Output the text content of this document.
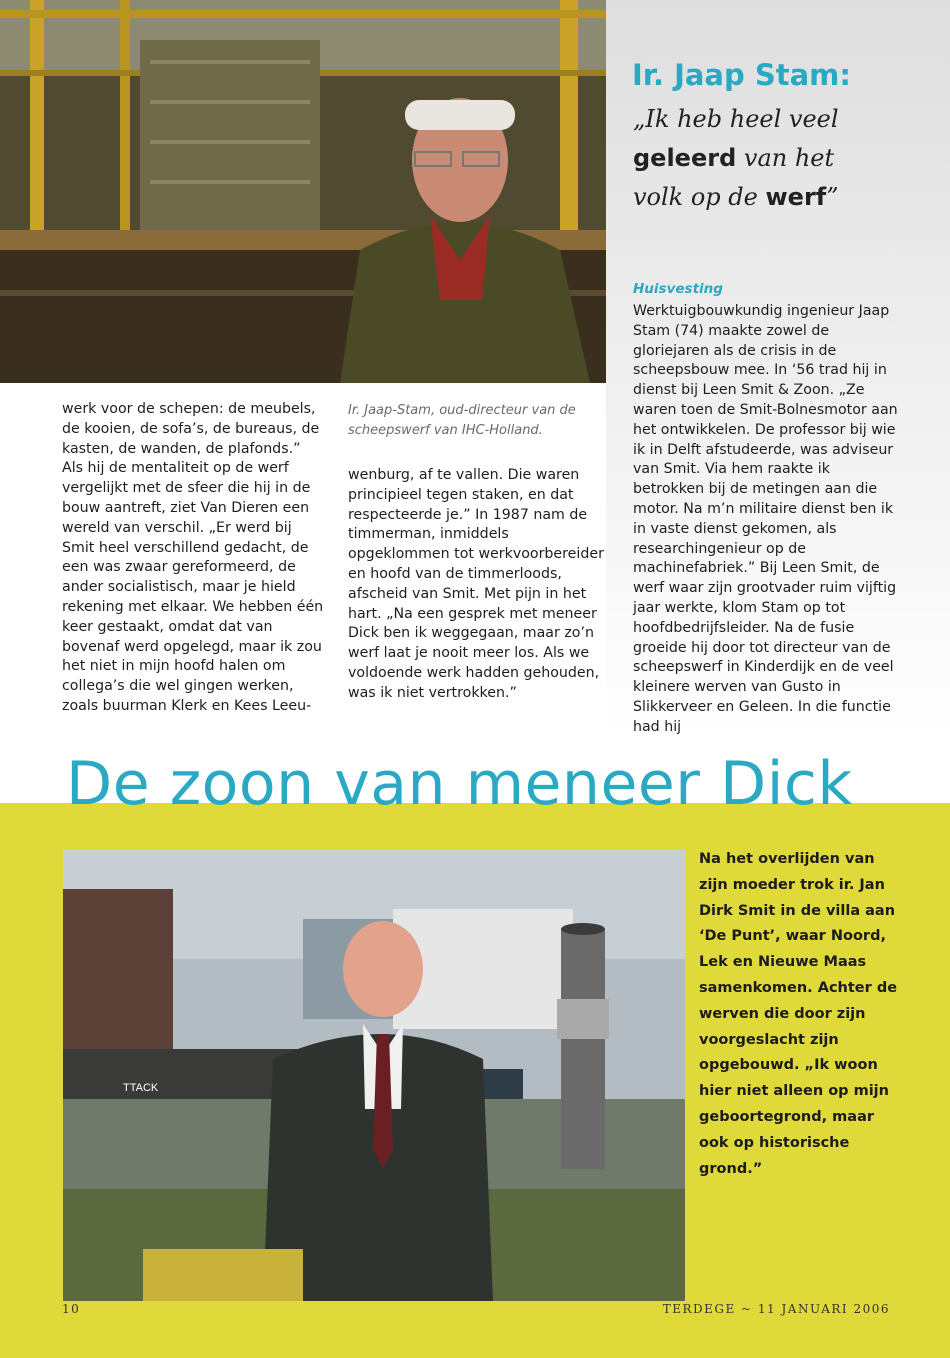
Ir. Jaap Stam:
„Ik heb heel veel
geleerd van het
volk op de werf”
Huisvesting

werk voor de schepen: de meubels, de kooien, de sofa’s, de bureaus, de kasten, de wanden, de plafonds.” Als hij de mentaliteit op de werf vergelijkt met de sfeer die hij in de bouw aantreft, ziet Van Dieren een wereld van verschil. „Er werd bij Smit heel verschillend gedacht, de een was zwaar gereformeerd, de ander socialistisch, maar je hield rekening met elkaar. We hebben één keer gestaakt, omdat dat van bovenaf werd opgelegd, maar ik zou het niet in mijn hoofd halen om collega’s die wel gingen werken, zoals buurman Klerk en Kees Leeu-

Ir. Jaap-Stam, oud-directeur van de scheepswerf van IHC-Holland.

wenburg, af te vallen. Die waren principieel tegen staken, en dat respecteerde je.” In 1987 nam de timmerman, inmiddels opgeklommen tot werkvoorbereider en hoofd van de timmerloods, afscheid van Smit. Met pijn in het hart. „Na een gesprek met meneer Dick ben ik weggegaan, maar zo’n werf laat je nooit meer los. Als we voldoende werk hadden gehouden, was ik niet vertrokken.”

Werktuigbouwkundig ingenieur Jaap Stam (74) maakte zowel de gloriejaren als de crisis in de scheepsbouw mee. In ‘56 trad hij in dienst bij Leen Smit & Zoon. „Ze waren toen de Smit-Bolnesmotor aan het ontwikkelen. De professor bij wie ik in Delft afstudeerde, was adviseur van Smit. Via hem raakte ik betrokken bij de metingen aan die motor. Na m’n militaire dienst ben ik in vaste dienst gekomen, als researchingenieur op de machinefabriek.” Bij Leen Smit, de werf waar zijn grootvader ruim vijftig jaar werkte, klom Stam op tot hoofdbedrijfsleider. Na de fusie groeide hij door tot directeur van de scheepswerf in Kinderdijk en de veel kleinere werven van Gusto in Slikkerveer en Geleen. In die functie had hij

De zoon van meneer Dick
TTACK
Na het overlijden van zijn moeder trok ir. Jan Dirk Smit in de villa aan ‘De Punt’, waar Noord, Lek en Nieuwe Maas samenkomen. Achter de werven die door zijn voorgeslacht zijn opgebouwd. „Ik woon hier niet alleen op mijn geboortegrond, maar ook op historische grond.”
10	TERDEGE ~ 11 JANUARI 2006
